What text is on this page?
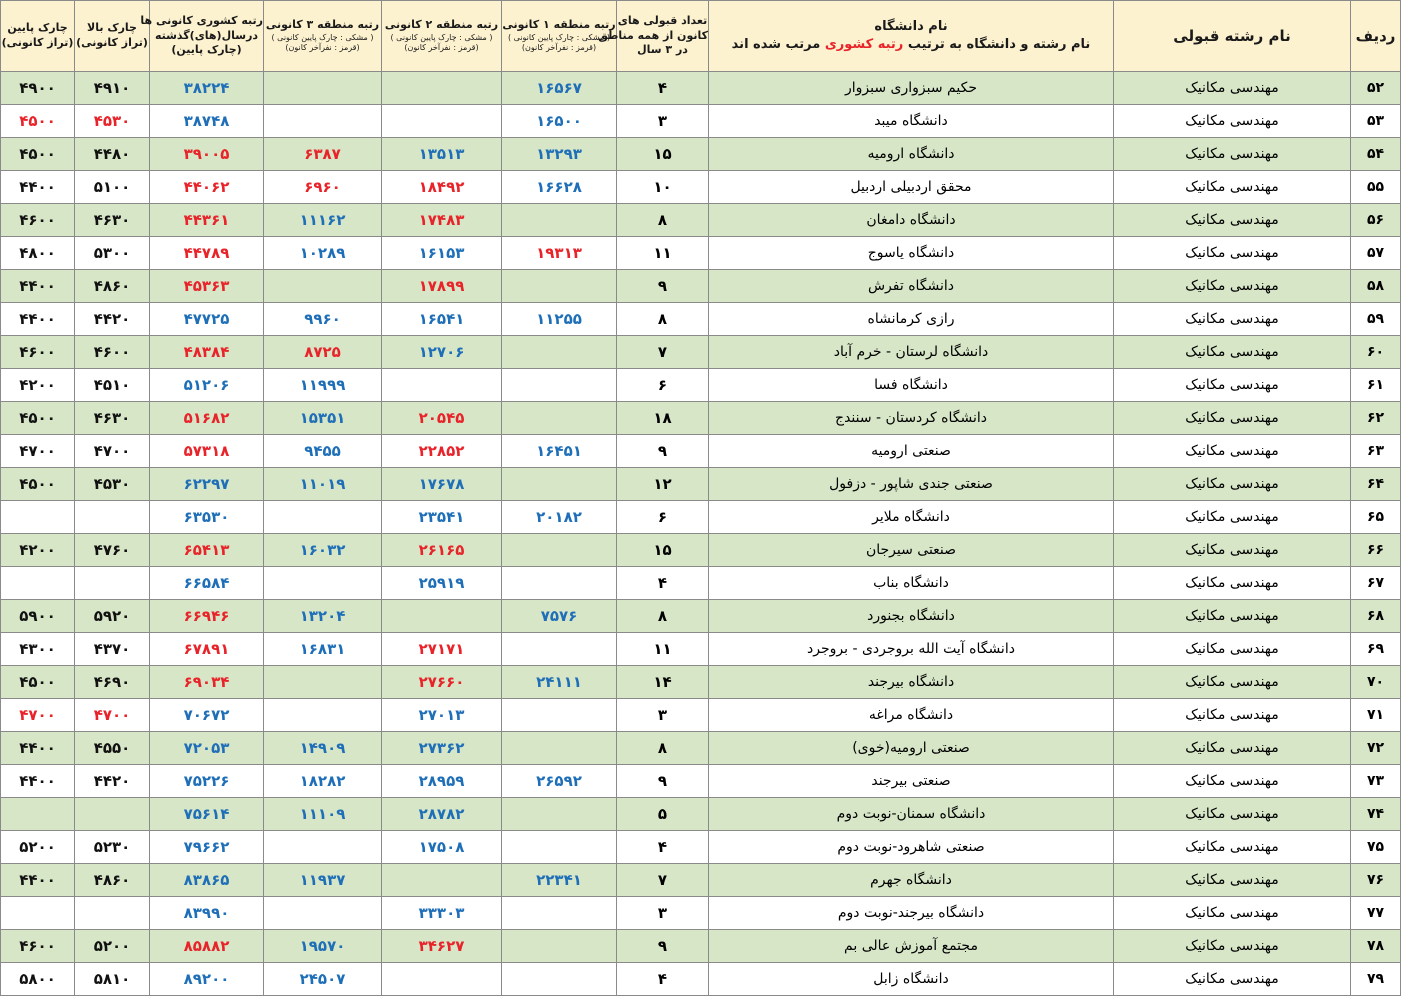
ردیف	نام رشته قبولی	نام دانشگاه
نام رشته و دانشگاه به ترتیب رتبه کشوری مرتب شده اند	تعداد قبولی های
کانون از همه مناطق
در ۳ سال	رتبه منطقه ۱ کانونی
( مشکی : چارک پایین کانونی )
(قرمز : نفرآخر کانون)	رتبه منطقه ۲ کانونی
( مشکی : چارک پایین کانونی )
(قرمز : نفرآخر کانون)	رتبه منطقه ۳ کانونی
( مشکی : چارک پایین کانونی )
(قرمز : نفرآخر کانون)	رتبه کشوری کانونی ها
درسال(های)گذشته
(چارک پایین)	چارک بالا
(تراز کانونی)	چارک پایین
(تراز کانونی)

۵۲	مهندسی مکانیک	حکیم سبزواری سبزوار	۴	۱۶۵۶۷			۳۸۲۲۴	۴۹۱۰	۴۹۰۰
۵۳	مهندسی مکانیک	دانشگاه میبد	۳	۱۶۵۰۰			۳۸۷۴۸	۴۵۳۰	۴۵۰۰
۵۴	مهندسی مکانیک	دانشگاه ارومیه	۱۵	۱۳۲۹۳	۱۳۵۱۳	۶۳۸۷	۳۹۰۰۵	۴۴۸۰	۴۵۰۰
۵۵	مهندسی مکانیک	محقق اردبیلی اردبیل	۱۰	۱۶۶۲۸	۱۸۴۹۲	۶۹۶۰	۴۴۰۶۲	۵۱۰۰	۴۴۰۰
۵۶	مهندسی مکانیک	دانشگاه دامغان	۸		۱۷۴۸۳	۱۱۱۶۲	۴۴۳۶۱	۴۶۳۰	۴۶۰۰
۵۷	مهندسی مکانیک	دانشگاه یاسوج	۱۱	۱۹۳۱۳	۱۶۱۵۳	۱۰۲۸۹	۴۴۷۸۹	۵۳۰۰	۴۸۰۰
۵۸	مهندسی مکانیک	دانشگاه تفرش	۹		۱۷۸۹۹		۴۵۳۶۳	۴۸۶۰	۴۴۰۰
۵۹	مهندسی مکانیک	رازی کرمانشاه	۸	۱۱۲۵۵	۱۶۵۴۱	۹۹۶۰	۴۷۷۲۵	۴۴۲۰	۴۴۰۰
۶۰	مهندسی مکانیک	دانشگاه لرستان - خرم آباد	۷		۱۲۷۰۶	۸۷۲۵	۴۸۳۸۴	۴۶۰۰	۴۶۰۰
۶۱	مهندسی مکانیک	دانشگاه فسا	۶			۱۱۹۹۹	۵۱۲۰۶	۴۵۱۰	۴۲۰۰
۶۲	مهندسی مکانیک	دانشگاه کردستان - سنندج	۱۸		۲۰۵۴۵	۱۵۳۵۱	۵۱۶۸۲	۴۶۳۰	۴۵۰۰
۶۳	مهندسی مکانیک	صنعتی ارومیه	۹	۱۶۴۵۱	۲۲۸۵۲	۹۴۵۵	۵۷۳۱۸	۴۷۰۰	۴۷۰۰
۶۴	مهندسی مکانیک	صنعتی جندی شاپور - دزفول	۱۲		۱۷۶۷۸	۱۱۰۱۹	۶۲۲۹۷	۴۵۳۰	۴۵۰۰
۶۵	مهندسی مکانیک	دانشگاه ملایر	۶	۲۰۱۸۲	۲۳۵۴۱		۶۳۵۳۰		
۶۶	مهندسی مکانیک	صنعتی سیرجان	۱۵		۲۶۱۶۵	۱۶۰۳۲	۶۵۴۱۳	۴۷۶۰	۴۲۰۰
۶۷	مهندسی مکانیک	دانشگاه بناب	۴		۲۵۹۱۹		۶۶۵۸۴		
۶۸	مهندسی مکانیک	دانشگاه بجنورد	۸	۷۵۷۶		۱۳۲۰۴	۶۶۹۴۶	۵۹۲۰	۵۹۰۰
۶۹	مهندسی مکانیک	دانشگاه آیت الله بروجردی - بروجرد	۱۱		۲۷۱۷۱	۱۶۸۳۱	۶۷۸۹۱	۴۳۷۰	۴۳۰۰
۷۰	مهندسی مکانیک	دانشگاه بیرجند	۱۴	۲۴۱۱۱	۲۷۶۶۰		۶۹۰۳۴	۴۶۹۰	۴۵۰۰
۷۱	مهندسی مکانیک	دانشگاه مراغه	۳		۲۷۰۱۳		۷۰۶۷۲	۴۷۰۰	۴۷۰۰
۷۲	مهندسی مکانیک	صنعتی ارومیه(خوی)	۸		۲۷۳۶۲	۱۴۹۰۹	۷۲۰۵۳	۴۵۵۰	۴۴۰۰
۷۳	مهندسی مکانیک	صنعتی بیرجند	۹	۲۶۵۹۲	۲۸۹۵۹	۱۸۲۸۲	۷۵۲۲۶	۴۴۲۰	۴۴۰۰
۷۴	مهندسی مکانیک	دانشگاه سمنان-نوبت دوم	۵		۲۸۷۸۲	۱۱۱۰۹	۷۵۶۱۴		
۷۵	مهندسی مکانیک	صنعتی شاهرود-نوبت دوم	۴		۱۷۵۰۸		۷۹۶۶۲	۵۲۳۰	۵۲۰۰
۷۶	مهندسی مکانیک	دانشگاه جهرم	۷	۲۲۳۴۱		۱۱۹۳۷	۸۳۸۶۵	۴۸۶۰	۴۴۰۰
۷۷	مهندسی مکانیک	دانشگاه بیرجند-نوبت دوم	۳		۳۳۳۰۳		۸۳۹۹۰		
۷۸	مهندسی مکانیک	مجتمع آموزش عالی بم	۹		۳۴۶۲۷	۱۹۵۷۰	۸۵۸۸۲	۵۲۰۰	۴۶۰۰
۷۹	مهندسی مکانیک	دانشگاه زابل	۴			۲۴۵۰۷	۸۹۲۰۰	۵۸۱۰	۵۸۰۰
